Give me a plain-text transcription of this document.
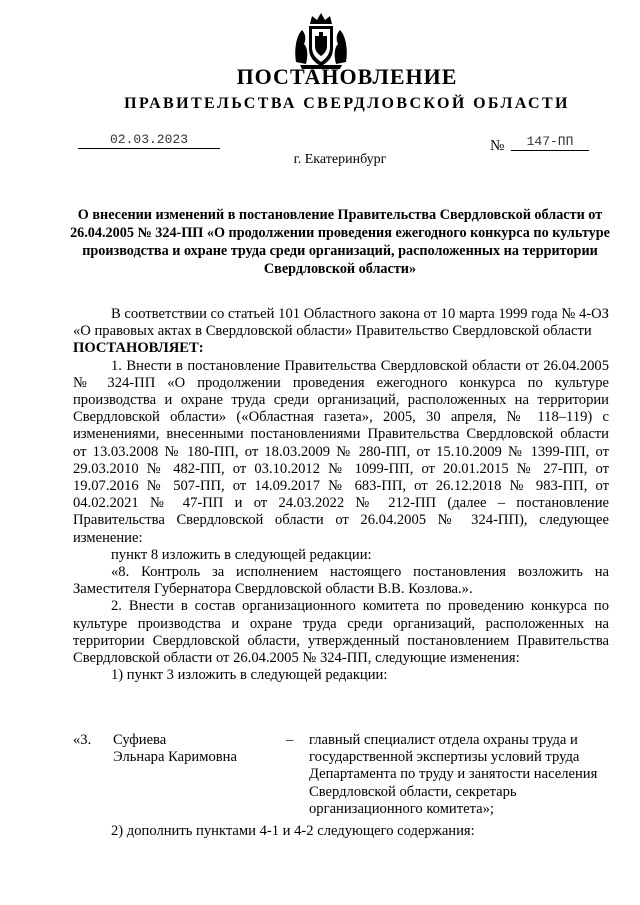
ПОСТАНОВЛЕНИЕ
ПРАВИТЕЛЬСТВА СВЕРДЛОВСКОЙ ОБЛАСТИ
02.03.2023	№	147-ПП
г. Екатеринбург
О внесении изменений в постановление Правительства Свердловской области от 26.04.2005 № 324-ПП «О продолжении проведения ежегодного конкурса по культуре производства и охране труда среди организаций, расположенных на территории Свердловской области»

В соответствии со статьей 101 Областного закона от 10 марта 1999 года № 4-ОЗ «О правовых актах в Свердловской области» Правительство Свердловской области

ПОСТАНОВЛЯЕТ:

1. Внести в постановление Правительства Свердловской области от 26.04.2005 № 324-ПП «О продолжении проведения ежегодного конкурса по культуре производства и охране труда среди организаций, расположенных на территории Свердловской области» («Областная газета», 2005, 30 апреля, № 118–119) с изменениями, внесенными постановлениями Правительства Свердловской области от 13.03.2008 № 180-ПП, от 18.03.2009 № 280-ПП, от 15.10.2009 № 1399-ПП, от 29.03.2010 № 482-ПП, от 03.10.2012 № 1099-ПП, от 20.01.2015 № 27-ПП, от 19.07.2016 № 507-ПП, от 14.09.2017 № 683-ПП, от 26.12.2018 № 983-ПП, от 04.02.2021 № 47-ПП и от 24.03.2022 № 212-ПП (далее – постановление Правительства Свердловской области от 26.04.2005 № 324-ПП), следующее изменение:

пункт 8 изложить в следующей редакции:

«8. Контроль за исполнением настоящего постановления возложить на Заместителя Губернатора Свердловской области В.В. Козлова.».

2. Внести в состав организационного комитета по проведению конкурса по культуре производства и охране труда среди организаций, расположенных на территории Свердловской области, утвержденный постановлением Правительства Свердловской области от 26.04.2005 № 324-ПП, следующие изменения:

1) пункт 3 изложить в следующей редакции:

«3. Суфиева
Эльнара Каримовна
– главный специалист отдела охраны труда и государственной экспертизы условий труда Департамента по труду и занятости населения Свердловской области, секретарь организационного комитета»;
2) дополнить пунктами 4-1 и 4-2 следующего содержания:
